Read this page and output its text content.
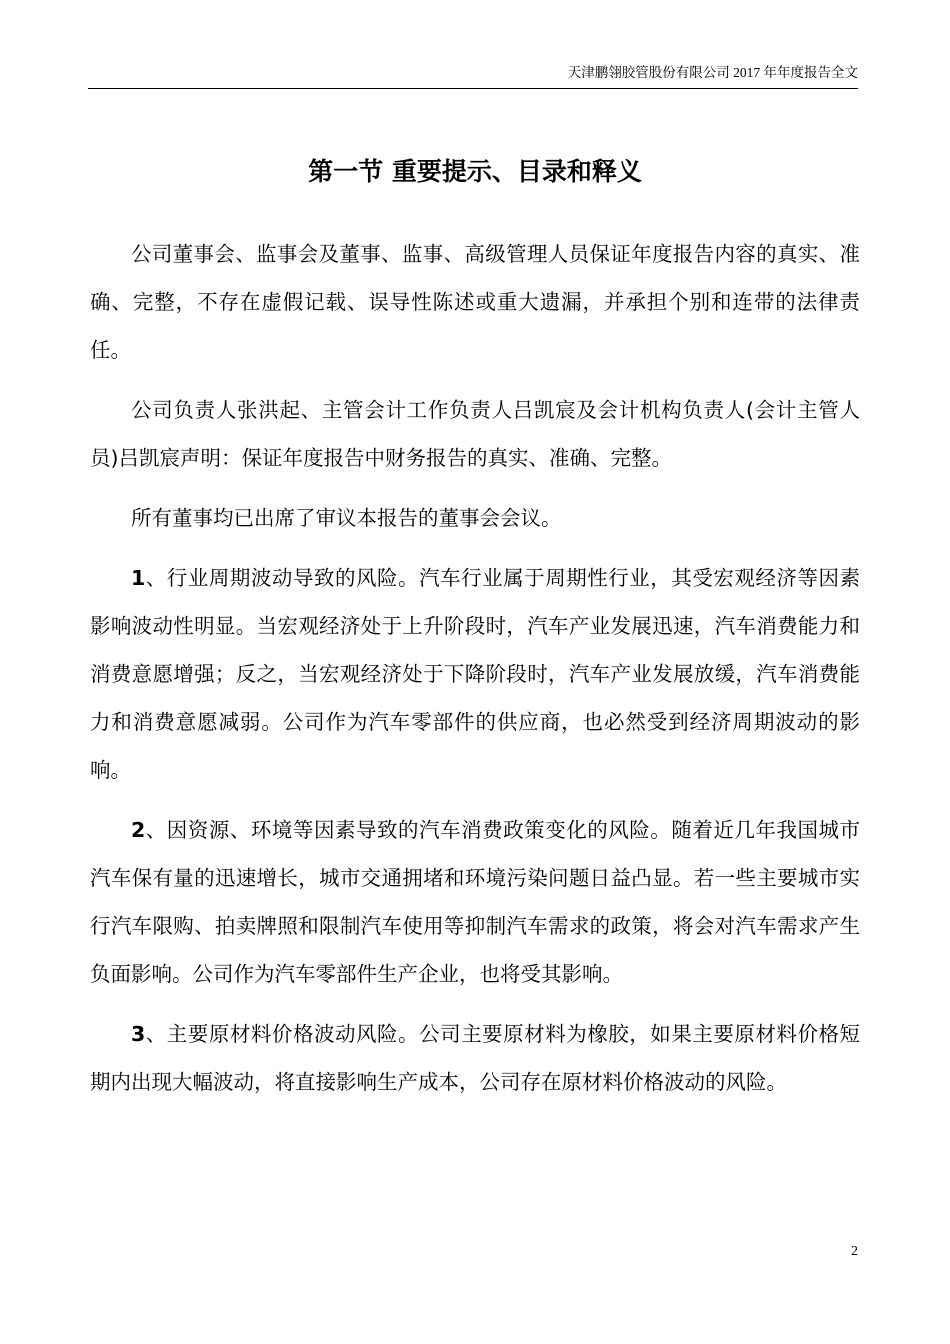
天津鹏翎胶管股份有限公司 2017 年年度报告全文
第一节 重要提示、目录和释义

公司董事会、监事会及董事、监事、高级管理人员保证年度报告内容的真实、准确、完整，不存在虚假记载、误导性陈述或重大遗漏，并承担个别和连带的法律责任。

公司负责人张洪起、主管会计工作负责人吕凯宸及会计机构负责人(会计主管人员)吕凯宸声明：保证年度报告中财务报告的真实、准确、完整。

所有董事均已出席了审议本报告的董事会会议。

1、行业周期波动导致的风险。汽车行业属于周期性行业，其受宏观经济等因素影响波动性明显。当宏观经济处于上升阶段时，汽车产业发展迅速，汽车消费能力和消费意愿增强；反之，当宏观经济处于下降阶段时，汽车产业发展放缓，汽车消费能力和消费意愿减弱。公司作为汽车零部件的供应商，也必然受到经济周期波动的影响。

2、因资源、环境等因素导致的汽车消费政策变化的风险。随着近几年我国城市汽车保有量的迅速增长，城市交通拥堵和环境污染问题日益凸显。若一些主要城市实行汽车限购、拍卖牌照和限制汽车使用等抑制汽车需求的政策，将会对汽车需求产生负面影响。公司作为汽车零部件生产企业，也将受其影响。

3、主要原材料价格波动风险。公司主要原材料为橡胶，如果主要原材料价格短期内出现大幅波动，将直接影响生产成本，公司存在原材料价格波动的风险。

2
